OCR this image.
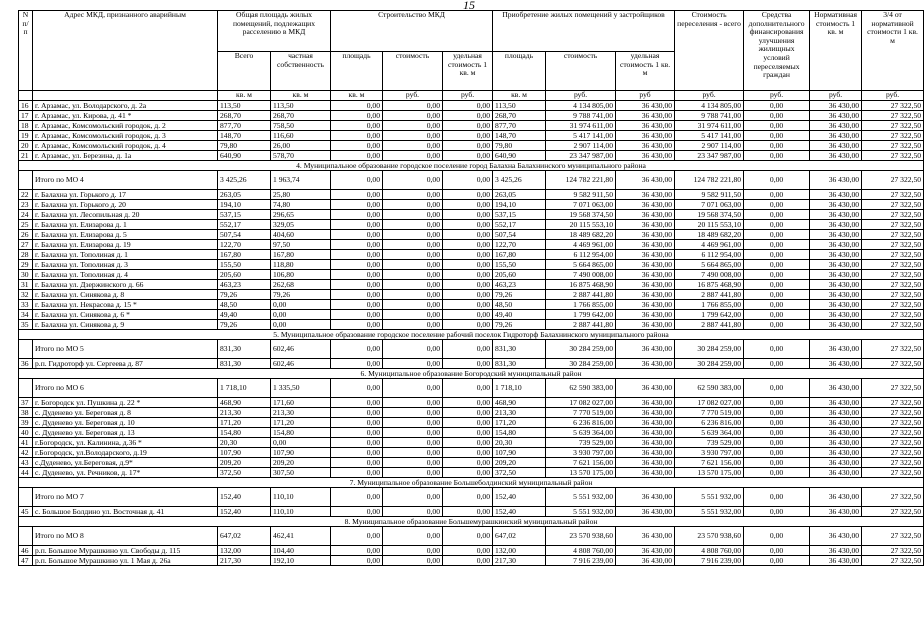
15
N п/п	Адрес МКД, признанного аварийным	Общая площадь жилых помещений, подлежащих расселению в МКД		Строительство МКД			Приобретение жилых помещений у застройщиков			Стоимость переселения - всего	Средства дополнительного финансирования улучшения жилищных условий переселяемых граждан	Нормативная стоимость 1 кв. м	3/4 от нормативной стоимости 1 кв. м
		Всего	частная собственность	площадь	стоимость	удельная стоимость 1 кв. м	площадь	стоимость	удельная стоимость 1 кв. м				
		кв. м	кв. м	кв. м	руб.	руб.	кв. м	руб.	руб	руб.	руб.	руб.	руб.
16	г. Арзамас, ул. Володарского, д. 2а	113,50	113,50	0,00	0,00	0,00	113,50	4 134 805,00	36 430,00	4 134 805,00	0,00	36 430,00	27 322,50
17	г. Арзамас, ул. Кирова, д. 41 *	268,70	268,70	0,00	0,00	0,00	268,70	9 788 741,00	36 430,00	9 788 741,00	0,00	36 430,00	27 322,50
18	г. Арзамас, Комсомольский городок, д. 2	877,70	758,50	0,00	0,00	0,00	877,70	31 974 611,00	36 430,00	31 974 611,00	0,00	36 430,00	27 322,50
19	г. Арзамас, Комсомольский городок, д. 3	148,70	116,60	0,00	0,00	0,00	148,70	5 417 141,00	36 430,00	5 417 141,00	0,00	36 430,00	27 322,50
20	г. Арзамас, Комсомольский городок, д. 4	79,80	26,00	0,00	0,00	0,00	79,80	2 907 114,00	36 430,00	2 907 114,00	0,00	36 430,00	27 322,50
21	г. Арзамас, ул. Березина, д. 1а	640,90	578,70	0,00	0,00	0,00	640,90	23 347 987,00	36 430,00	23 347 987,00	0,00	36 430,00	27 322,50
4. Муниципальное образование городское поселение город Балахна Балахнинского муниципального района													
	Итого по МО 4	3 425,26	1 963,74	0,00	0,00	0,00	3 425,26	124 782 221,80	36 430,00	124 782 221,80	0,00	36 430,00	27 322,50
22	г. Балахна ул. Горького д. 17	263,05	25,80	0,00	0,00	0,00	263,05	9 582 911,50	36 430,00	9 582 911,50	0,00	36 430,00	27 322,50
23	г. Балахна ул. Горького д. 20	194,10	74,80	0,00	0,00	0,00	194,10	7 071 063,00	36 430,00	7 071 063,00	0,00	36 430,00	27 322,50
24	г. Балахна ул. Лесопильная д. 20	537,15	296,65	0,00	0,00	0,00	537,15	19 568 374,50	36 430,00	19 568 374,50	0,00	36 430,00	27 322,50
25	г. Балахна ул. Елизарова д. 1	552,17	329,05	0,00	0,00	0,00	552,17	20 115 553,10	36 430,00	20 115 553,10	0,00	36 430,00	27 322,50
26	г. Балахна ул. Елизарова д. 5	507,54	404,60	0,00	0,00	0,00	507,54	18 489 682,20	36 430,00	18 489 682,20	0,00	36 430,00	27 322,50
27	г. Балахна ул. Елизарова д. 19	122,70	97,50	0,00	0,00	0,00	122,70	4 469 961,00	36 430,00	4 469 961,00	0,00	36 430,00	27 322,50
28	г. Балахна ул. Тополиная д. 1	167,80	167,80	0,00	0,00	0,00	167,80	6 112 954,00	36 430,00	6 112 954,00	0,00	36 430,00	27 322,50
29	г. Балахна ул. Тополиная д. 3	155,50	118,80	0,00	0,00	0,00	155,50	5 664 865,00	36 430,00	5 664 865,00	0,00	36 430,00	27 322,50
30	г. Балахна ул. Тополиная д. 4	205,60	106,80	0,00	0,00	0,00	205,60	7 490 008,00	36 430,00	7 490 008,00	0,00	36 430,00	27 322,50
31	г. Балахна ул. Дзержинского д. 66	463,23	262,68	0,00	0,00	0,00	463,23	16 875 468,90	36 430,00	16 875 468,90	0,00	36 430,00	27 322,50
32	г. Балахна ул. Синякова д. 8	79,26	79,26	0,00	0,00	0,00	79,26	2 887 441,80	36 430,00	2 887 441,80	0,00	36 430,00	27 322,50
33	г. Балахна ул. Некрасова д. 15 *	48,50	0,00	0,00	0,00	0,00	48,50	1 766 855,00	36 430,00	1 766 855,00	0,00	36 430,00	27 322,50
34	г. Балахна ул. Синякова д. 6 *	49,40	0,00	0,00	0,00	0,00	49,40	1 799 642,00	36 430,00	1 799 642,00	0,00	36 430,00	27 322,50
35	г. Балахна ул. Синякова д. 9	79,26	0,00	0,00	0,00	0,00	79,26	2 887 441,80	36 430,00	2 887 441,80	0,00	36 430,00	27 322,50
5. Муниципальное образование городское поселение рабочий поселок Гидроторф Балахнинского муниципального района													
	Итого по МО 5	831,30	602,46	0,00	0,00	0,00	831,30	30 284 259,00	36 430,00	30 284 259,00	0,00	36 430,00	27 322,50
36	р.п. Гидроторф ул. Сергеева д. 87	831,30	602,46	0,00	0,00	0,00	831,30	30 284 259,00	36 430,00	30 284 259,00	0,00	36 430,00	27 322,50
6. Муниципальное образование Богородский муниципальный район													
	Итого по МО 6	1 718,10	1 335,50	0,00	0,00	0,00	1 718,10	62 590 383,00	36 430,00	62 590 383,00	0,00	36 430,00	27 322,50
37	г. Богородск ул. Пушкина д. 22 *	468,90	171,60	0,00	0,00	0,00	468,90	17 082 027,00	36 430,00	17 082 027,00	0,00	36 430,00	27 322,50
38	с. Дуденево ул. Береговая д. 8	213,30	213,30	0,00	0,00	0,00	213,30	7 770 519,00	36 430,00	7 770 519,00	0,00	36 430,00	27 322,50
39	с. Дуденево ул. Береговая д. 10	171,20	171,20	0,00	0,00	0,00	171,20	6 236 816,00	36 430,00	6 236 816,00	0,00	36 430,00	27 322,50
40	с. Дуденево ул. Береговая д. 13	154,80	154,80	0,00	0,00	0,00	154,80	5 639 364,00	36 430,00	5 639 364,00	0,00	36 430,00	27 322,50
41	г.Богородск, ул. Калинина, д.36 *	20,30	0,00	0,00	0,00	0,00	20,30	739 529,00	36 430,00	739 529,00	0,00	36 430,00	27 322,50
42	г.Богородск, ул.Володарского, д.19	107,90	107,90	0,00	0,00	0,00	107,90	3 930 797,00	36 430,00	3 930 797,00	0,00	36 430,00	27 322,50
43	с.Дуденево, ул.Береговая, д.9*	209,20	209,20	0,00	0,00	0,00	209,20	7 621 156,00	36 430,00	7 621 156,00	0,00	36 430,00	27 322,50
44	с. Дуденево, ул. Речников, д. 17*	372,50	307,50	0,00	0,00	0,00	372,50	13 570 175,00	36 430,00	13 570 175,00	0,00	36 430,00	27 322,50
7. Муниципальное образование Большеболдинский муниципальный район													
	Итого по МО 7	152,40	110,10	0,00	0,00	0,00	152,40	5 551 932,00	36 430,00	5 551 932,00	0,00	36 430,00	27 322,50
45	с. Большое Болдино ул. Восточная д. 41	152,40	110,10	0,00	0,00	0,00	152,40	5 551 932,00	36 430,00	5 551 932,00	0,00	36 430,00	27 322,50
8. Муниципальное образование Большемурашкинский муниципальный район													
	Итого по МО 8	647,02	462,41	0,00	0,00	0,00	647,02	23 570 938,60	36 430,00	23 570 938,60	0,00	36 430,00	27 322,50
46	р.п. Большое Мурашкино ул. Свободы д. 115	132,00	104,40	0,00	0,00	0,00	132,00	4 808 760,00	36 430,00	4 808 760,00	0,00	36 430,00	27 322,50
47	р.п. Большое Мурашкино ул. 1 Мая д. 26а	217,30	192,10	0,00	0,00	0,00	217,30	7 916 239,00	36 430,00	7 916 239,00	0,00	36 430,00	27 322,50
